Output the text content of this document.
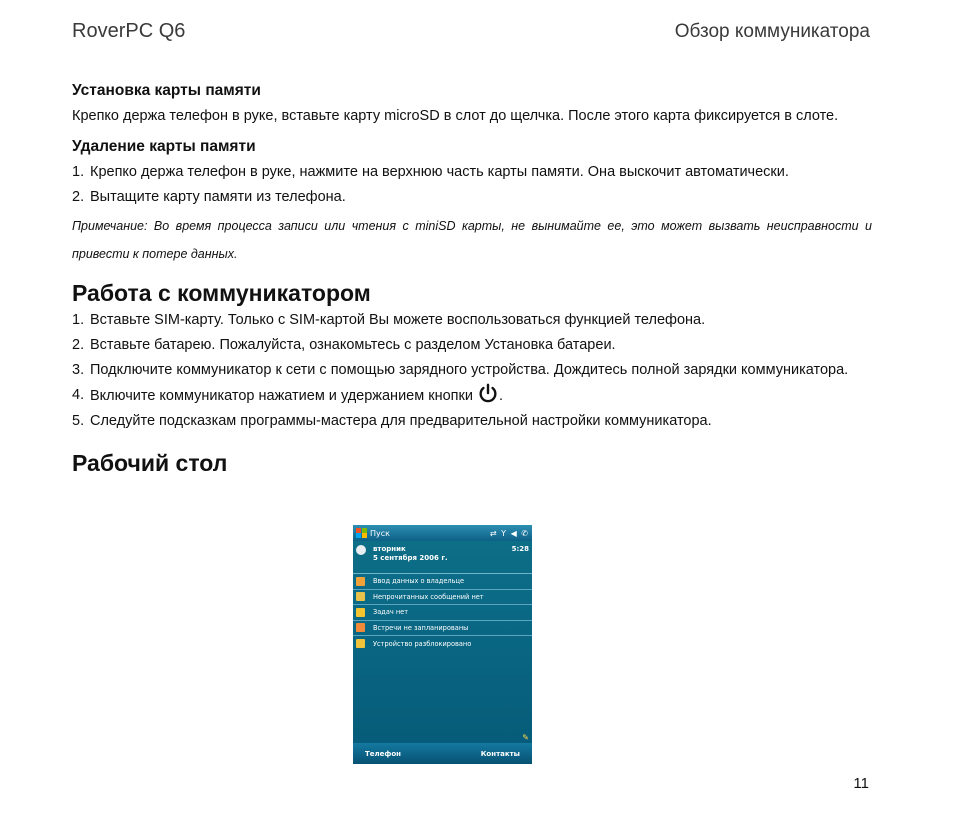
RoverPC Q6	Обзор коммуникатора
Установка карты памяти

Крепко держа телефон в руке, вставьте карту microSD в слот до щелчка. После этого карта фиксируется в слоте.

Удаление карты памяти
1. Крепко держа телефон в руке, нажмите на верхнюю часть карты памяти. Она выскочит автоматически.
2. Вытащите карту памяти из телефона.

Примечание: Во время процесса записи или чтения с miniSD карты, не вынимайте ее, это может вызвать неисправности и привести к потере данных.

Работа с коммуникатором
1. Вставьте SIM-карту. Только с SIM-картой Вы можете воспользоваться функцией телефона.
2. Вставьте батарею. Пожалуйста, ознакомьтесь с разделом Установка батареи.
3. Подключите коммуникатор к сети с помощью зарядного устройства. Дождитесь полной зарядки коммуникатора.
4. Включите коммуникатор нажатием и удержанием кнопки .
5. Следуйте подсказкам программы-мастера для предварительной настройки коммуникатора.
Рабочий стол
Пуск	⇄ Y ◀ ✆
вторник
5 сентября 2006 г.
5:28
Ввод данных о владельце
Непрочитанных сообщений нет
Задач нет
Встречи не запланированы
Устройство разблокировано
✎
Телефон	Контакты
11
